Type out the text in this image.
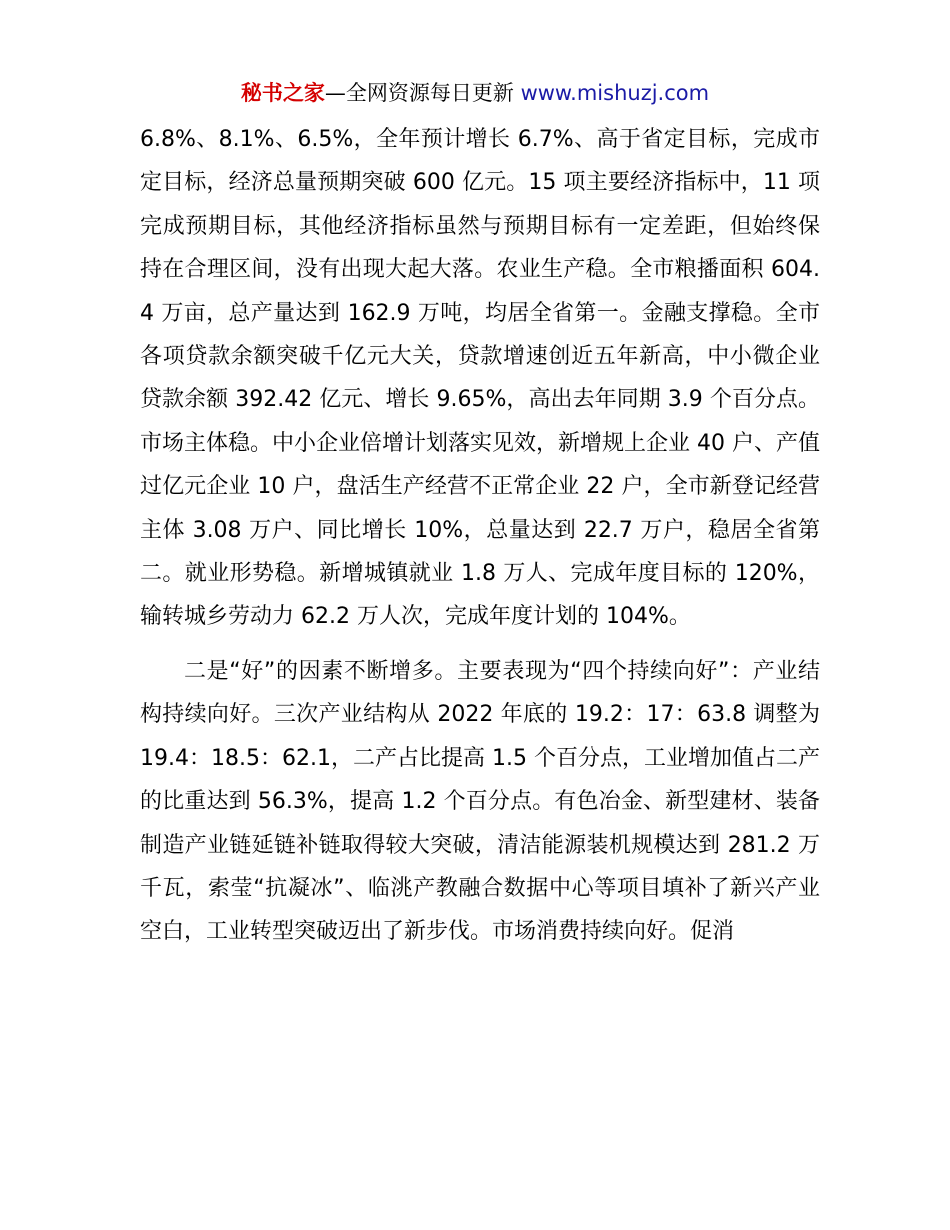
秘书之家—全网资源每日更新 www.mishuzj.com

6.8%、8.1%、6.5%，全年预计增长 6.7%、高于省定目标，完成市定目标，经济总量预期突破 600 亿元。15 项主要经济指标中，11 项完成预期目标，其他经济指标虽然与预期目标有一定差距，但始终保持在合理区间，没有出现大起大落。农业生产稳。全市粮播面积 604.4 万亩，总产量达到 162.9 万吨，均居全省第一。金融支撑稳。全市各项贷款余额突破千亿元大关，贷款增速创近五年新高，中小微企业贷款余额 392.42 亿元、增长 9.65%，高出去年同期 3.9 个百分点。市场主体稳。中小企业倍增计划落实见效，新增规上企业 40 户、产值过亿元企业 10 户，盘活生产经营不正常企业 22 户，全市新登记经营主体 3.08 万户、同比增长 10%，总量达到 22.7 万户，稳居全省第二。就业形势稳。新增城镇就业 1.8 万人、完成年度目标的 120%，输转城乡劳动力 62.2 万人次，完成年度计划的 104%。

二是“好”的因素不断增多。主要表现为“四个持续向好”：产业结构持续向好。三次产业结构从 2022 年底的 19.2：17：63.8 调整为 19.4：18.5：62.1，二产占比提高 1.5 个百分点，工业增加值占二产的比重达到 56.3%，提高 1.2 个百分点。有色冶金、新型建材、装备制造产业链延链补链取得较大突破，清洁能源装机规模达到 281.2 万千瓦，索莹“抗凝冰”、临洮产教融合数据中心等项目填补了新兴产业空白，工业转型突破迈出了新步伐。市场消费持续向好。促消
